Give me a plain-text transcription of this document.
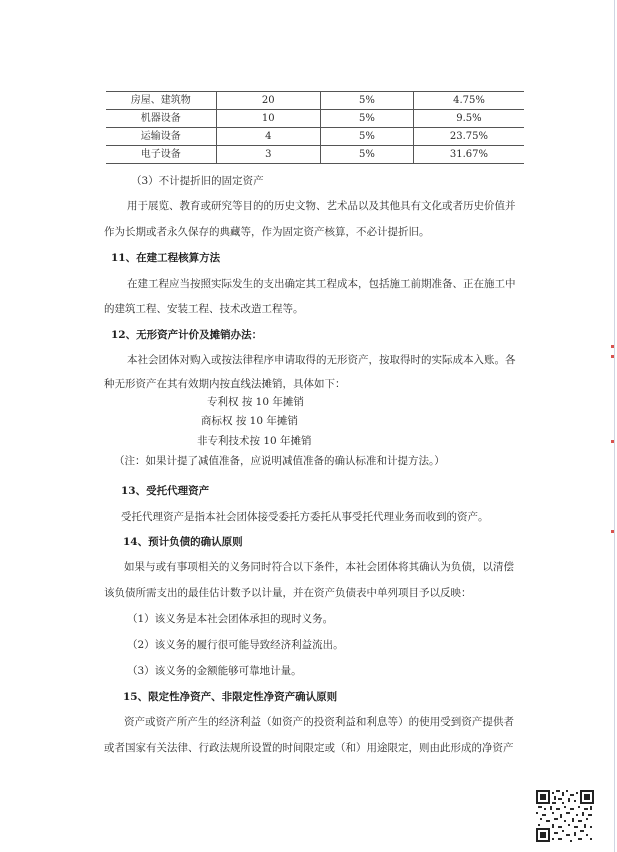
房屋、建筑物	20	5%	4.75%
机器设备	10	5%	9.5%
运输设备	4	5%	23.75%
电子设备	3	5%	31.67%
（3）不计提折旧的固定资产
用于展览、教育或研究等目的的历史文物、艺术品以及其他具有文化或者历史价值并
作为长期或者永久保存的典藏等，作为固定资产核算，不必计提折旧。
11、在建工程核算方法
在建工程应当按照实际发生的支出确定其工程成本，包括施工前期准备、正在施工中
的建筑工程、安装工程、技术改造工程等。
12、无形资产计价及摊销办法：
本社会团体对购入或按法律程序申请取得的无形资产，按取得时的实际成本入账。各
种无形资产在其有效期内按直线法摊销，具体如下：
专利权 按 10 年摊销
商标权 按 10 年摊销
非专利技术按 10 年摊销
（注：如果计提了减值准备，应说明减值准备的确认标准和计提方法。）
13、受托代理资产
受托代理资产是指本社会团体接受委托方委托从事受托代理业务而收到的资产。
14、预计负债的确认原则
如果与或有事项相关的义务同时符合以下条件，本社会团体将其确认为负债，以清偿
该负债所需支出的最佳估计数予以计量，并在资产负债表中单列项目予以反映：
（1）该义务是本社会团体承担的现时义务。
（2）该义务的履行很可能导致经济利益流出。
（3）该义务的金额能够可靠地计量。
15、限定性净资产、非限定性净资产确认原则
资产或资产所产生的经济利益（如资产的投资利益和利息等）的使用受到资产提供者
或者国家有关法律、行政法规所设置的时间限定或（和）用途限定，则由此形成的净资产
